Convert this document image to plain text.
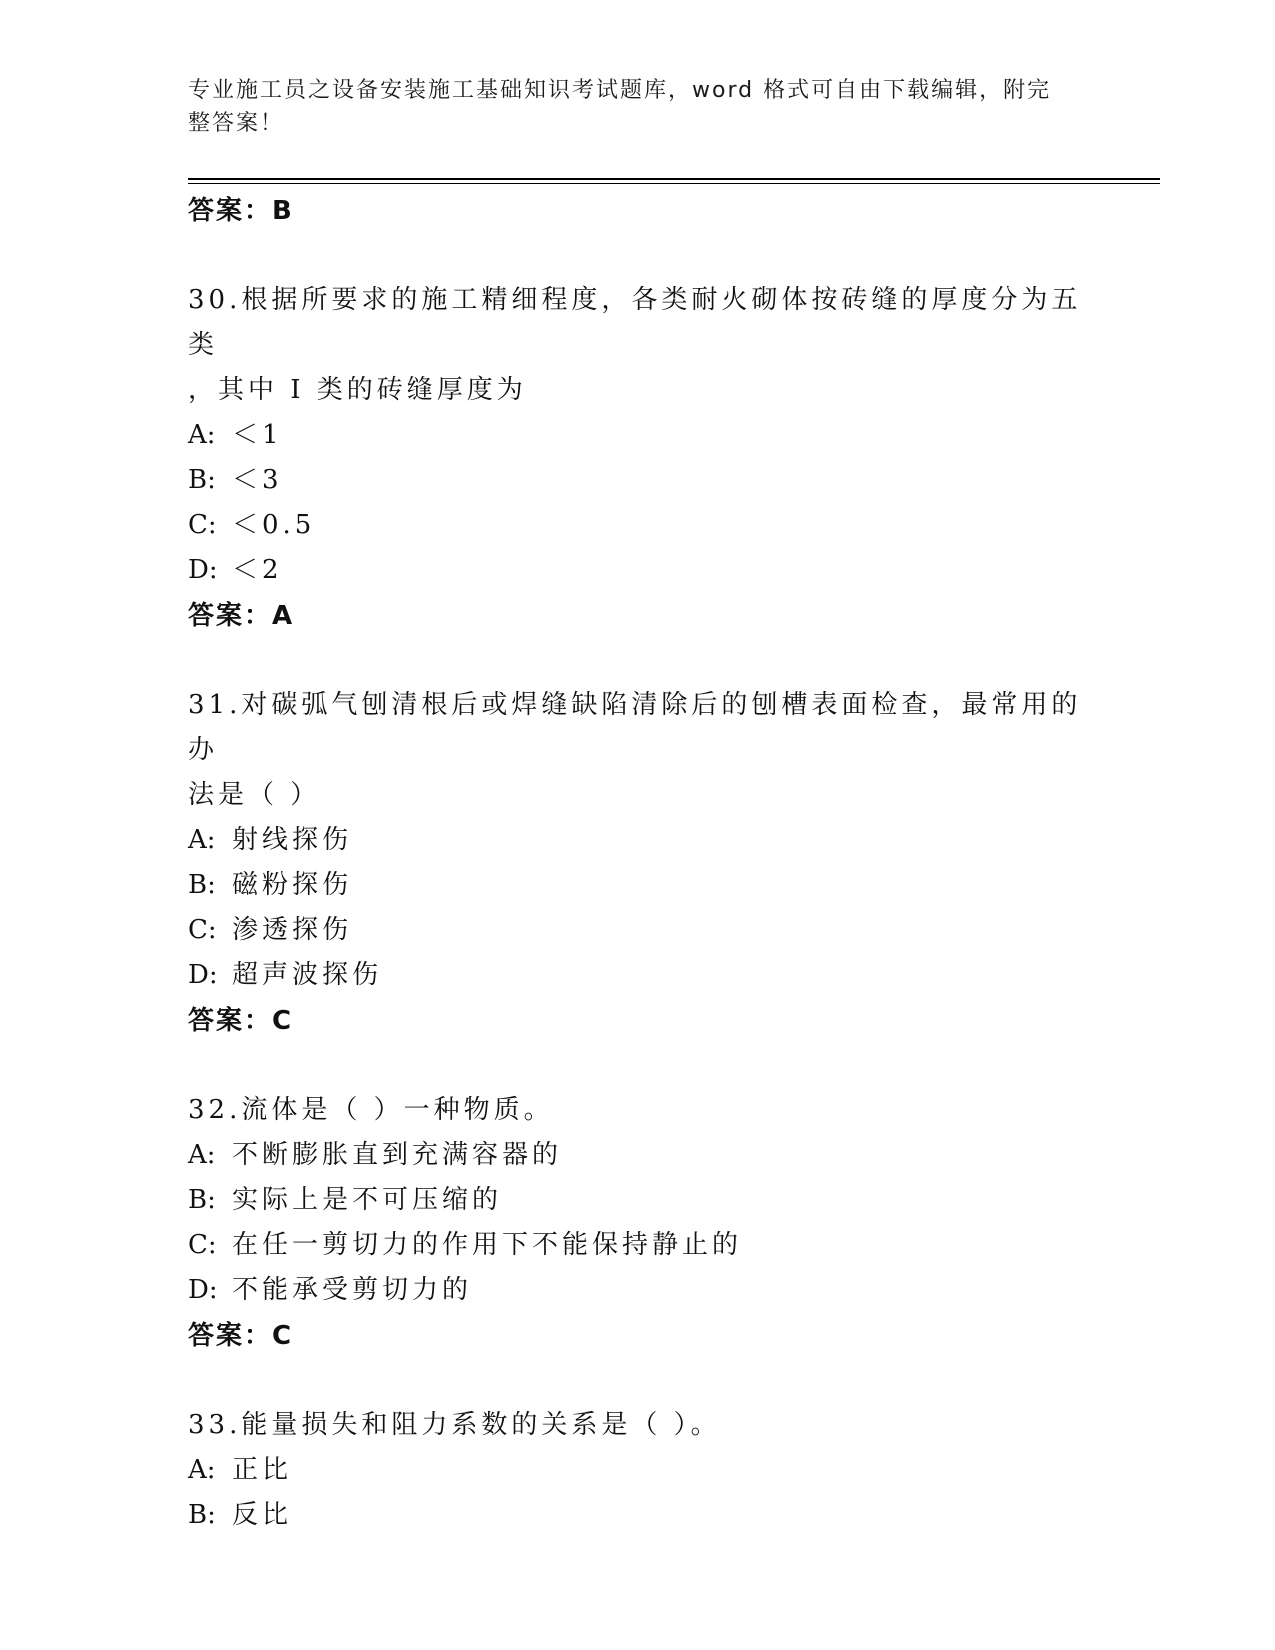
专业施工员之设备安装施工基础知识考试题库，word 格式可自由下载编辑，附完
整答案！
答案：B
30.根据所要求的施工精细程度，各类耐火砌体按砖缝的厚度分为五类
，其中 I 类的砖缝厚度为
A: ＜1
B: ＜3
C: ＜0.5
D: ＜2
答案：A
31.对碳弧气刨清根后或焊缝缺陷清除后的刨槽表面检查，最常用的办
法是（ ）
A: 射线探伤
B: 磁粉探伤
C: 渗透探伤
D: 超声波探伤
答案：C
32.流体是（ ）一种物质。
A: 不断膨胀直到充满容器的
B: 实际上是不可压缩的
C: 在任一剪切力的作用下不能保持静止的
D: 不能承受剪切力的
答案：C
33.能量损失和阻力系数的关系是（ ）。
A: 正比
B: 反比
